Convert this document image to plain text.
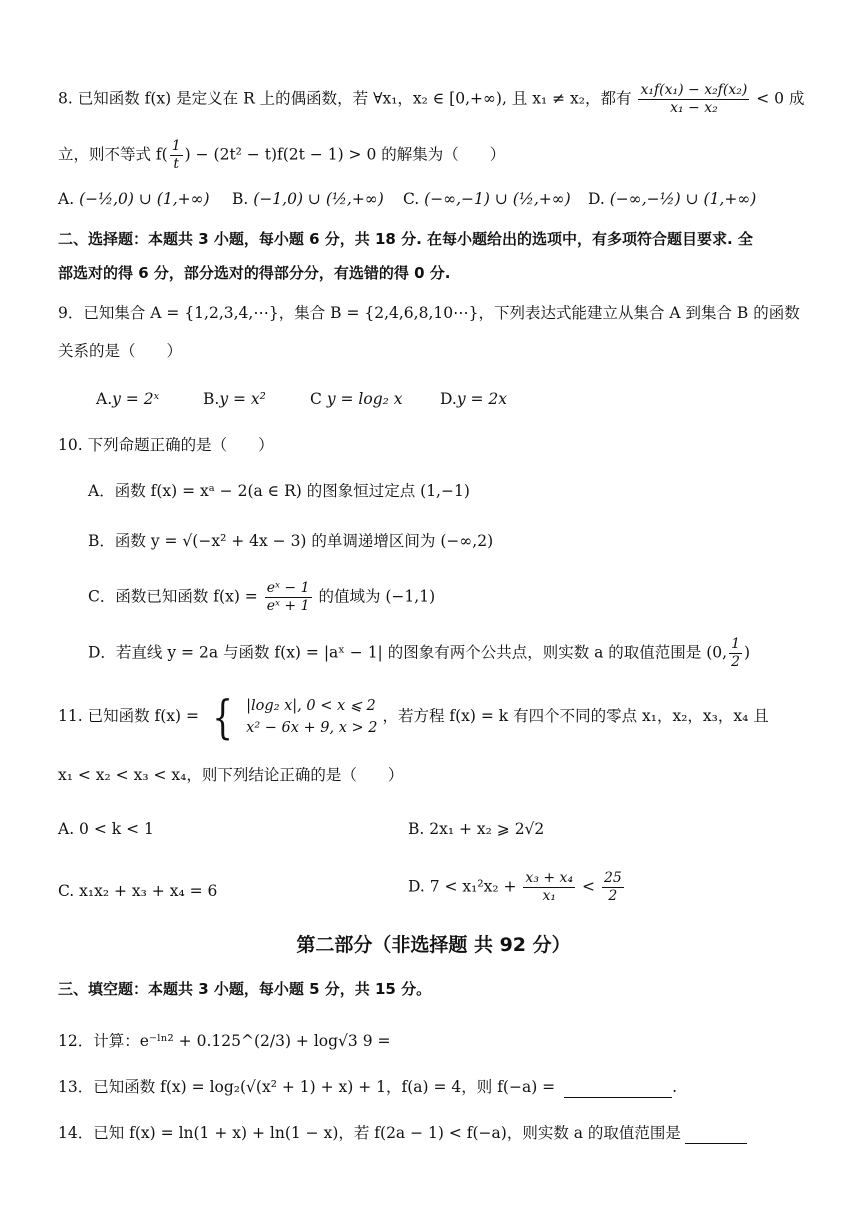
8. 已知函数 f(x) 是定义在 R 上的偶函数，若 ∀x₁，x₂ ∈ [0,+∞), 且 x₁ ≠ x₂，都有 $\frac{\text{x₁f(x₁) − x₂f(x₂)}}{\text{x₁ − x₂}} < 0$ 成
立，则不等式 $f( \frac{1}{t}$ ) − (2t² − t)f(2t − 1) > 0 的解集为（　　）
A. (−½,0) ∪ (1,+∞) B. (−1,0) ∪ (½,+∞) C. (−∞,−1) ∪ (½,+∞) D. (−∞,−½) ∪ (1,+∞)
二、选择题：本题共 3 小题，每小题 6 分，共 18 分. 在每小题给出的选项中，有多项符合题目要求. 全
部选对的得 6 分，部分选对的得部分分，有选错的得 0 分.
9．已知集合 A = {1,2,3,4,⋯}，集合 B = {2,4,6,8,10⋯}，下列表达式能建立从集合 A 到集合 B 的函数
关系的是（　　）
A.y = 2ˣ	B.y = x²	C y = log₂ x D.y = 2x
10. 下列命题正确的是（　　）
A．函数 f(x) = xᵃ − 2(a ∈ R) 的图象恒过定点 (1,−1)
B．函数 y = √(−x² + 4x − 3) 的单调递增区间为 (−∞,2)
C．函数已知函数 $f(x) = \frac{\text{eˣ − 1}}{\text{eˣ + 1}}$ 的值域为 (−1,1)
D．若直线 y = 2a 与函数 f(x) = |aˣ − 1| 的图象有两个公共点，则实数 a 的取值范围是 (0, $\frac{1}{2}$ )
11. 已知函数 f(x) = { |log₂ x|, 0 < x ⩽ 2
x² − 6x + 9, x > 2
，若方程 f(x) = k 有四个不同的零点 x₁，x₂，x₃，x₄ 且
x₁ < x₂ < x₃ < x₄，则下列结论正确的是（　　）
A. 0 < k < 1	B. 2x₁ + x₂ ⩾ 2√2
C. x₁x₂ + x₃ + x₄ = 6	D. $7 < x_1^2x_2 + \frac{\text{x₃ + x₄}}{\text{x₁}} < \frac{25}{2}$
第二部分（非选择题 共 92 分）
三、填空题：本题共 3 小题，每小题 5 分，共 15 分。
12．计算：e⁻ˡⁿ² + 0.125^(2/3) + log√3 9 =
13．已知函数 f(x) = log₂(√(x² + 1) + x) + 1，f(a) = 4，则 f(−a) =	.
14．已知 f(x) = ln(1 + x) + ln(1 − x)，若 f(2a − 1) < f(−a)，则实数 a 的取值范围是
